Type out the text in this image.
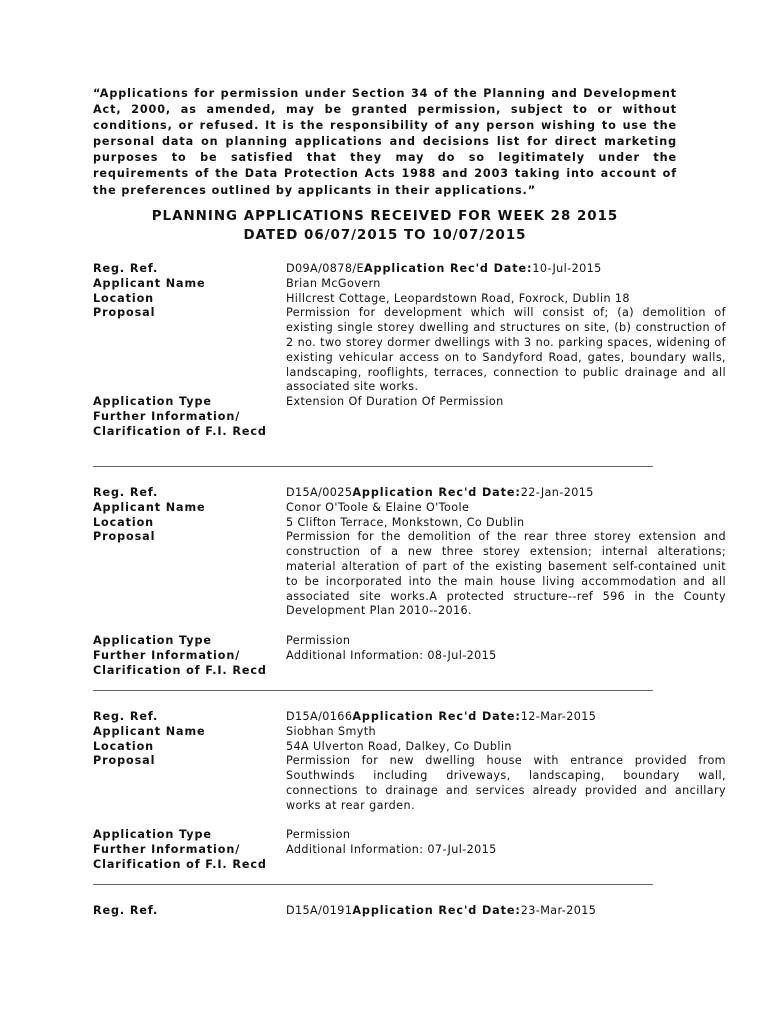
“Applications for permission under Section 34 of the Planning and Development Act, 2000, as amended, may be granted permission, subject to or without conditions, or refused. It is the responsibility of any person wishing to use the personal data on planning applications and decisions list for direct marketing purposes to be satisfied that they may do so legitimately under the requirements of the Data Protection Acts 1988 and 2003 taking into account of the preferences outlined by applicants in their applications.”
PLANNING APPLICATIONS RECEIVED FOR WEEK 28 2015
DATED 06/07/2015 TO 10/07/2015
Reg. Ref.	D09A/0878/EApplication Rec'd Date:10-Jul-2015
Applicant Name	Brian McGovern
Location	Hillcrest Cottage, Leopardstown Road, Foxrock, Dublin 18
Proposal	Permission for development which will consist of; (a) demolition of existing single storey dwelling and structures on site, (b) construction of 2 no. two storey dormer dwellings with 3 no. parking spaces, widening of existing vehicular access on to Sandyford Road, gates, boundary walls, landscaping, rooflights, terraces, connection to public drainage and all associated site works.
Application Type	Extension Of Duration Of Permission
Further Information/
Clarification of F.I. Recd
Reg. Ref.	D15A/0025Application Rec'd Date:22-Jan-2015
Applicant Name	Conor O'Toole & Elaine O'Toole
Location	5 Clifton Terrace, Monkstown, Co Dublin
Proposal	Permission for the demolition of the rear three storey extension and construction of a new three storey extension; internal alterations; material alteration of part of the existing basement self-contained unit to be incorporated into the main house living accommodation and all associated site works.A protected structure--ref 596 in the County Development Plan 2010--2016.
Application Type	Permission
Further Information/	Additional Information: 08-Jul-2015
Clarification of F.I. Recd
Reg. Ref.	D15A/0166Application Rec'd Date:12-Mar-2015
Applicant Name	Siobhan Smyth
Location	54A Ulverton Road, Dalkey, Co Dublin
Proposal	Permission for new dwelling house with entrance provided from Southwinds including driveways, landscaping, boundary wall, connections to drainage and services already provided and ancillary works at rear garden.
Application Type	Permission
Further Information/	Additional Information: 07-Jul-2015
Clarification of F.I. Recd
Reg. Ref.	D15A/0191Application Rec'd Date:23-Mar-2015
